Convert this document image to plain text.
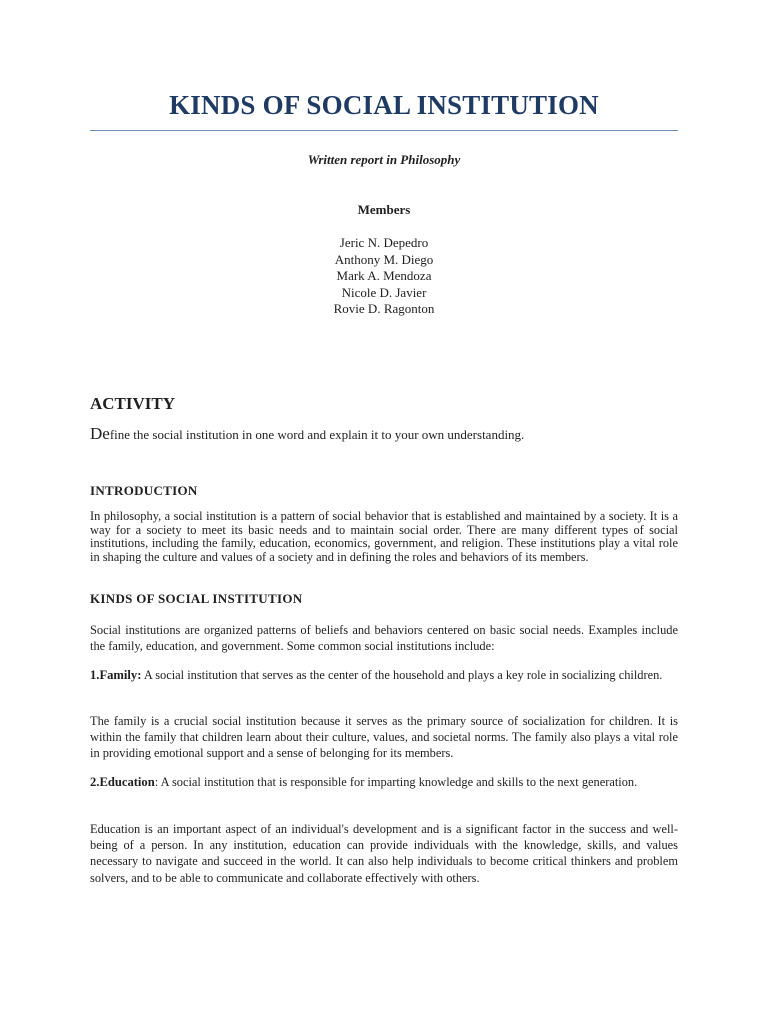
KINDS OF SOCIAL INSTITUTION

Written report in Philosophy

Members

Jeric N. Depedro
Anthony M. Diego
Mark A. Mendoza
Nicole D. Javier
Rovie D. Ragonton
ACTIVITY

Define the social institution in one word and explain it to your own understanding.

INTRODUCTION

In philosophy, a social institution is a pattern of social behavior that is established and maintained by a society. It is a way for a society to meet its basic needs and to maintain social order. There are many different types of social institutions, including the family, education, economics, government, and religion. These institutions play a vital role in shaping the culture and values of a society and in defining the roles and behaviors of its members.

KINDS OF SOCIAL INSTITUTION

Social institutions are organized patterns of beliefs and behaviors centered on basic social needs. Examples include the family, education, and government. Some common social institutions include:

1.Family: A social institution that serves as the center of the household and plays a key role in socializing children.

The family is a crucial social institution because it serves as the primary source of socialization for children. It is within the family that children learn about their culture, values, and societal norms. The family also plays a vital role in providing emotional support and a sense of belonging for its members.

2.Education: A social institution that is responsible for imparting knowledge and skills to the next generation.

Education is an important aspect of an individual's development and is a significant factor in the success and well-being of a person. In any institution, education can provide individuals with the knowledge, skills, and values necessary to navigate and succeed in the world. It can also help individuals to become critical thinkers and problem solvers, and to be able to communicate and collaborate effectively with others.
